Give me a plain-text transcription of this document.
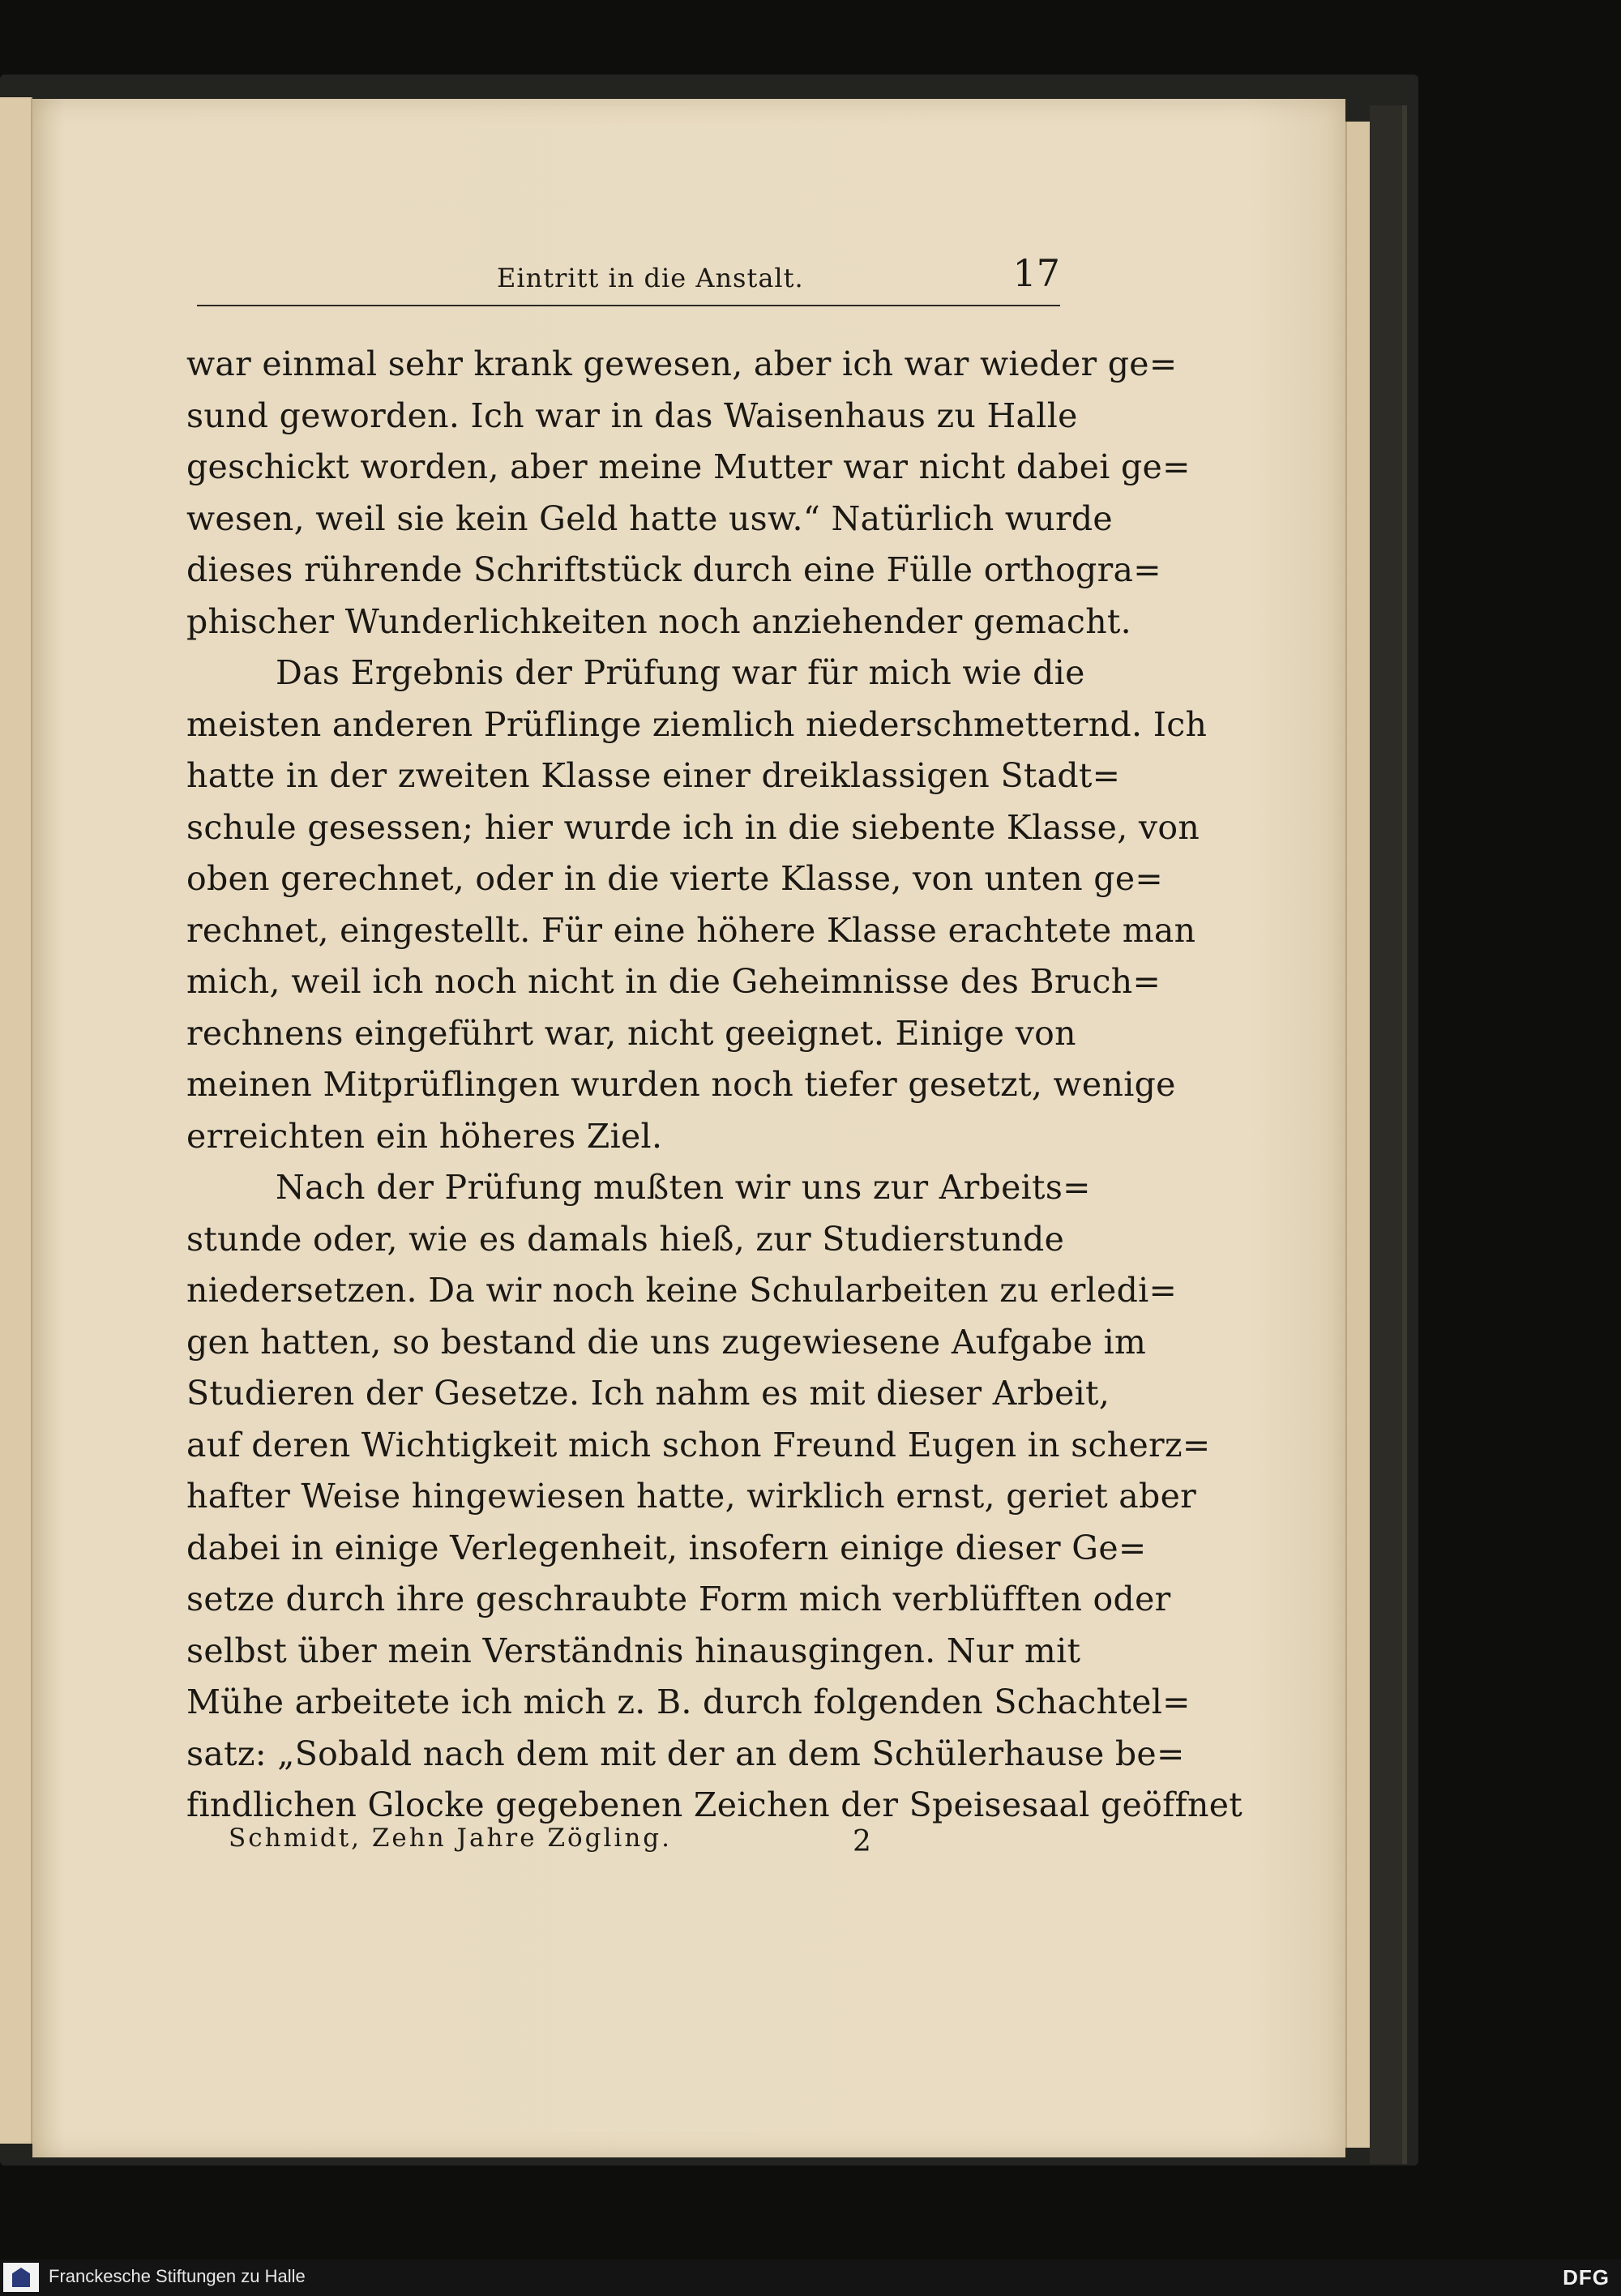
Eintritt in die Anstalt.	17
war einmal sehr krank gewesen, aber ich war wieder ge=
sund geworden. Ich war in das Waisenhaus zu Halle
geschickt worden, aber meine Mutter war nicht dabei ge=
wesen, weil sie kein Geld hatte usw.“ Natürlich wurde
dieses rührende Schriftstück durch eine Fülle orthogra=
phischer Wunderlichkeiten noch anziehender gemacht.
Das Ergebnis der Prüfung war für mich wie die
meisten anderen Prüflinge ziemlich niederschmetternd. Ich
hatte in der zweiten Klasse einer dreiklassigen Stadt=
schule gesessen; hier wurde ich in die siebente Klasse, von
oben gerechnet, oder in die vierte Klasse, von unten ge=
rechnet, eingestellt. Für eine höhere Klasse erachtete man
mich, weil ich noch nicht in die Geheimnisse des Bruch=
rechnens eingeführt war, nicht geeignet. Einige von
meinen Mitprüflingen wurden noch tiefer gesetzt, wenige
erreichten ein höheres Ziel.
Nach der Prüfung mußten wir uns zur Arbeits=
stunde oder, wie es damals hieß, zur Studierstunde
niedersetzen. Da wir noch keine Schularbeiten zu erledi=
gen hatten, so bestand die uns zugewiesene Aufgabe im
Studieren der Gesetze. Ich nahm es mit dieser Arbeit,
auf deren Wichtigkeit mich schon Freund Eugen in scherz=
hafter Weise hingewiesen hatte, wirklich ernst, geriet aber
dabei in einige Verlegenheit, insofern einige dieser Ge=
setze durch ihre geschraubte Form mich verblüfften oder
selbst über mein Verständnis hinausgingen. Nur mit
Mühe arbeitete ich mich z. B. durch folgenden Schachtel=
satz: „Sobald nach dem mit der an dem Schülerhause be=
findlichen Glocke gegebenen Zeichen der Speisesaal geöffnet
Schmidt, Zehn Jahre Zögling.	2
Franckesche Stiftungen zu Halle	DFG
